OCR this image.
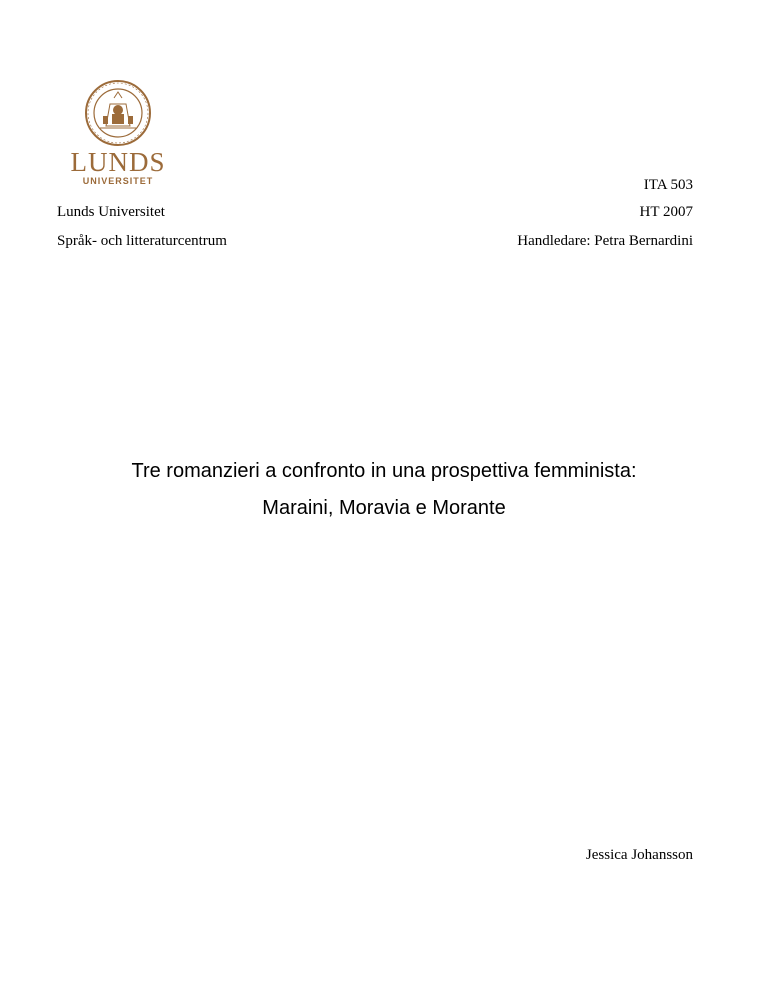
LUNDS
UNIVERSITET	ITA 503
Lunds Universitet	HT 2007
Språk- och litteraturcentrum	Handledare: Petra Bernardini
Tre romanzieri a confronto in una prospettiva femminista:
Maraini, Moravia e Morante
Jessica Johansson
